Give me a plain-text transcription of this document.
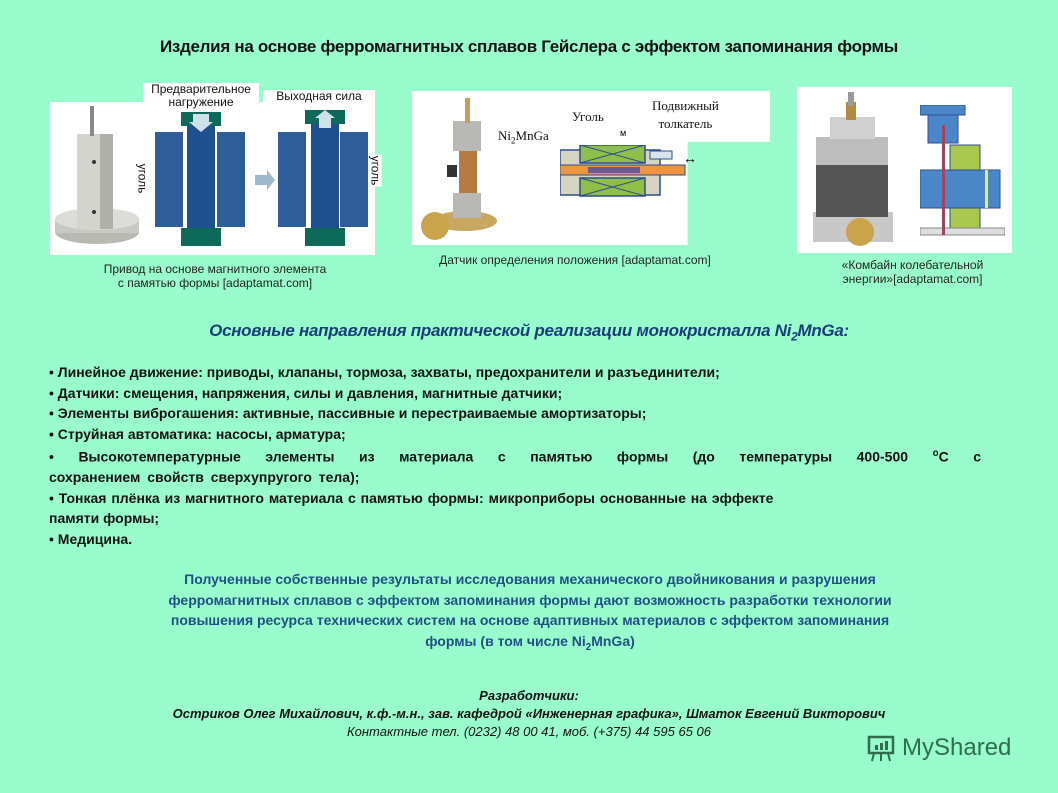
Изделия на основе ферромагнитных сплавов Гейслера с эффектом запоминания формы
Предварительное
нагружение	Выходная сила
уголь	уголь
Привод на основе магнитного элемента
с памятью формы [adaptamat.com]
$Ni_2MnGa$
Уголь
м
Подвижный
толкатель
↔
Датчик определения положения [adaptamat.com]	«Комбайн колебательной
энергии»[adaptamat.com]
Основные направления практической реализации монокристалла $Ni_2MnGa$:
• Линейное движение: приводы, клапаны, тормоза, захваты, предохранители и разъединители;
• Датчики: смещения, напряжения, силы и давления, магнитные датчики;
• Элементы виброгашения: активные, пассивные и перестраиваемые амортизаторы;
• Струйная автоматика: насосы, арматура;
• Высокотемпературные элементы из материала с памятью формы (до температуры 400-500 $^o$C с
сохранением свойств сверхупругого тела);
• Тонкая плёнка из магнитного материала с памятью формы: микроприборы основанные на эффекте
памяти формы;
• Медицина.
Полученные собственные результаты исследования механического двойникования и разрушения
ферромагнитных сплавов с эффектом запоминания формы дают возможность разработки технологии
повышения ресурса технических систем на основе адаптивных материалов с эффектом запоминания
формы (в том числе $Ni_2MnGa$)
Разработчики:
Остриков Олег Михайлович, к.ф.-м.н., зав. кафедрой «Инженерная графика», Шматок Евгений Викторович
Контактные тел. (0232) 48 00 41, моб. (+375) 44 595 65 06
MyShared
